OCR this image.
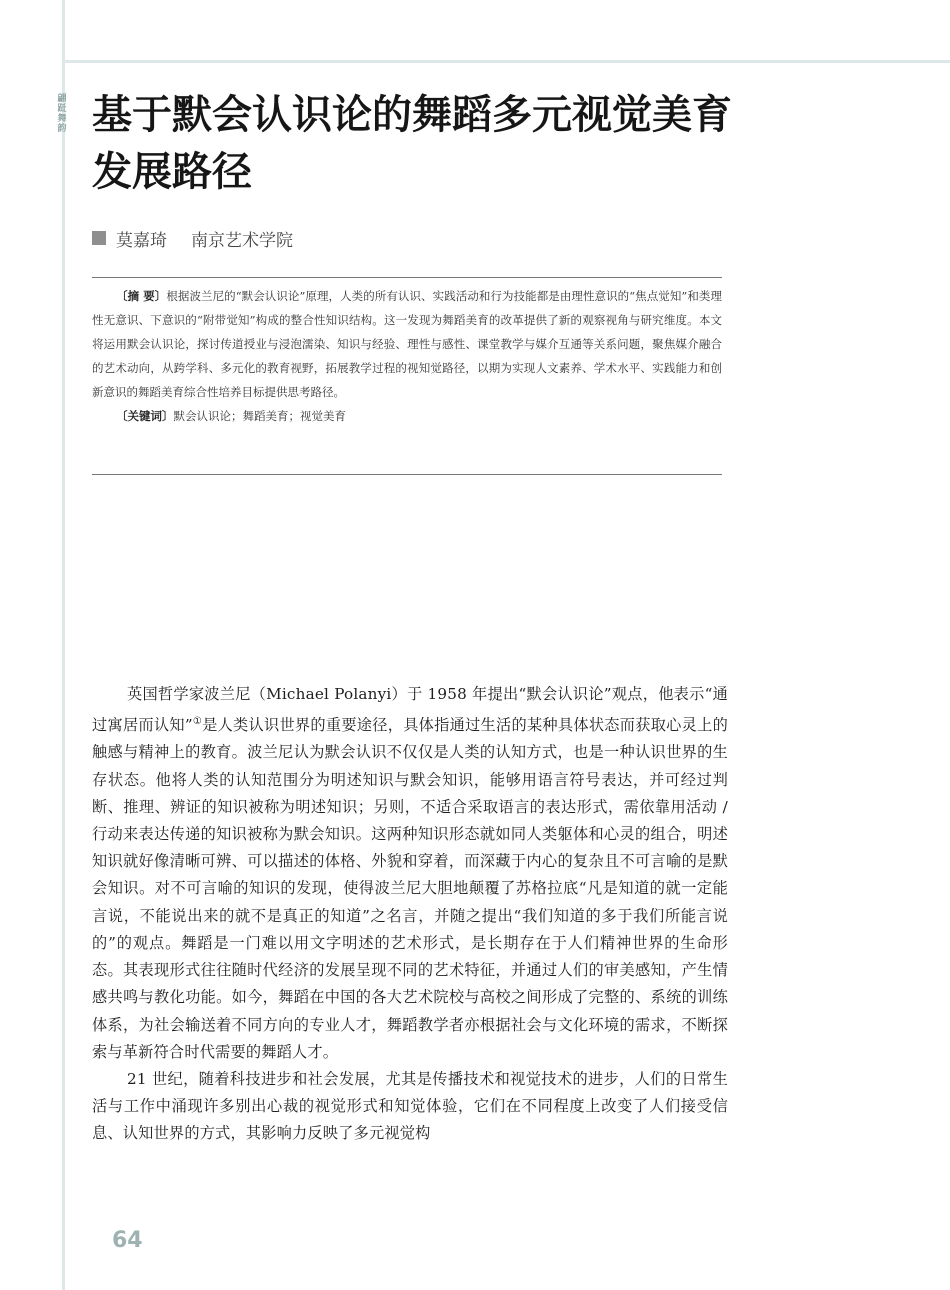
翩跹舞韵 基于默会认识论的舞蹈多元视觉美育
发展路径
莫嘉琦 南京艺术学院

〔摘 要〕根据波兰尼的“默会认识论”原理，人类的所有认识、实践活动和行为技能都是由理性意识的“焦点觉知”和类理性无意识、下意识的“附带觉知”构成的整合性知识结构。这一发现为舞蹈美育的改革提供了新的观察视角与研究维度。本文将运用默会认识论，探讨传道授业与浸泡濡染、知识与经验、理性与感性、课堂教学与媒介互通等关系问题，聚焦媒介融合的艺术动向，从跨学科、多元化的教育视野，拓展教学过程的视知觉路径，以期为实现人文素养、学术水平、实践能力和创新意识的舞蹈美育综合性培养目标提供思考路径。

〔关键词〕默会认识论；舞蹈美育；视觉美育

英国哲学家波兰尼（Michael Polanyi）于 1958 年提出“默会认识论”观点，他表示“通过寓居而认知”①是人类认识世界的重要途径，具体指通过生活的某种具体状态而获取心灵上的触感与精神上的教育。波兰尼认为默会认识不仅仅是人类的认知方式，也是一种认识世界的生存状态。他将人类的认知范围分为明述知识与默会知识，能够用语言符号表达，并可经过判断、推理、辨证的知识被称为明述知识；另则，不适合采取语言的表达形式，需依靠用活动 / 行动来表达传递的知识被称为默会知识。这两种知识形态就如同人类躯体和心灵的组合，明述知识就好像清晰可辨、可以描述的体格、外貌和穿着，而深藏于内心的复杂且不可言喻的是默会知识。对不可言喻的知识的发现，使得波兰尼大胆地颠覆了苏格拉底“凡是知道的就一定能言说，不能说出来的就不是真正的知道”之名言，并随之提出“我们知道的多于我们所能言说的”的观点。舞蹈是一门难以用文字明述的艺术形式，是长期存在于人们精神世界的生命形态。其表现形式往往随时代经济的发展呈现不同的艺术特征，并通过人们的审美感知，产生情感共鸣与教化功能。如今，舞蹈在中国的各大艺术院校与高校之间形成了完整的、系统的训练体系，为社会输送着不同方向的专业人才，舞蹈教学者亦根据社会与文化环境的需求，不断探索与革新符合时代需要的舞蹈人才。

21 世纪，随着科技进步和社会发展，尤其是传播技术和视觉技术的进步，人们的日常生活与工作中涌现许多别出心裁的视觉形式和知觉体验，它们在不同程度上改变了人们接受信息、认知世界的方式，其影响力反映了多元视觉构

64
